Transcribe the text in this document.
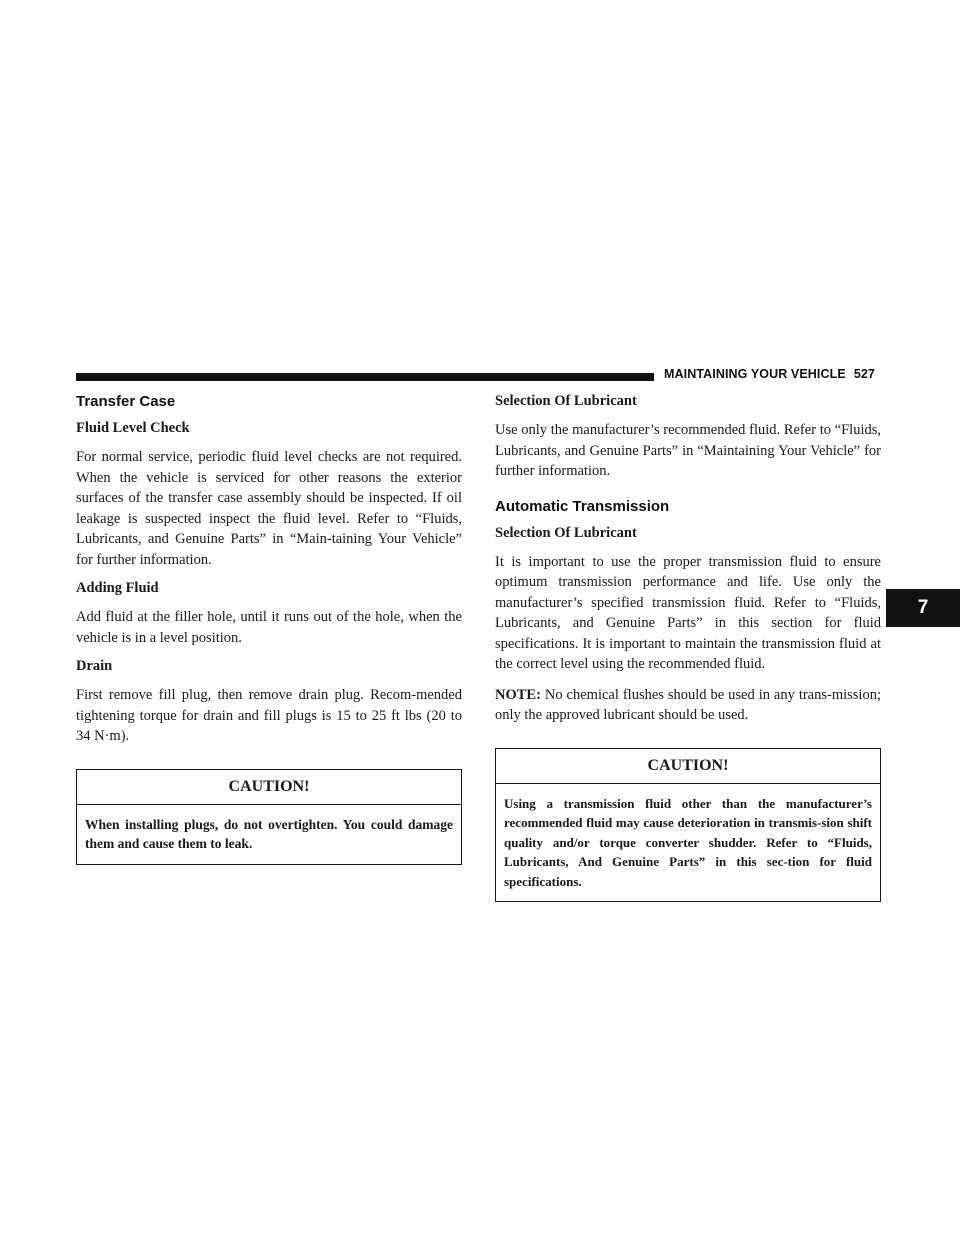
MAINTAINING YOUR VEHICLE 527
7
Transfer Case
Fluid Level Check

For normal service, periodic fluid level checks are not required. When the vehicle is serviced for other reasons the exterior surfaces of the transfer case assembly should be inspected. If oil leakage is suspected inspect the fluid level. Refer to “Fluids, Lubricants, and Genuine Parts” in “Main-taining Your Vehicle” for further information.

Adding Fluid

Add fluid at the filler hole, until it runs out of the hole, when the vehicle is in a level position.

Drain

First remove fill plug, then remove drain plug. Recom-mended tightening torque for drain and fill plugs is 15 to 25 ft lbs (20 to 34 N·m).

CAUTION!
When installing plugs, do not overtighten. You could damage them and cause them to leak.
Selection Of Lubricant

Use only the manufacturer’s recommended fluid. Refer to “Fluids, Lubricants, and Genuine Parts” in “Maintaining Your Vehicle” for further information.

Automatic Transmission
Selection Of Lubricant

It is important to use the proper transmission fluid to ensure optimum transmission performance and life. Use only the manufacturer’s specified transmission fluid. Refer to “Fluids, Lubricants, and Genuine Parts” in this section for fluid specifications. It is important to maintain the transmission fluid at the correct level using the recommended fluid.

NOTE: No chemical flushes should be used in any trans-mission; only the approved lubricant should be used.

CAUTION!
Using a transmission fluid other than the manufacturer’s recommended fluid may cause deterioration in transmis-sion shift quality and/or torque converter shudder. Refer to “Fluids, Lubricants, And Genuine Parts” in this sec-tion for fluid specifications.
